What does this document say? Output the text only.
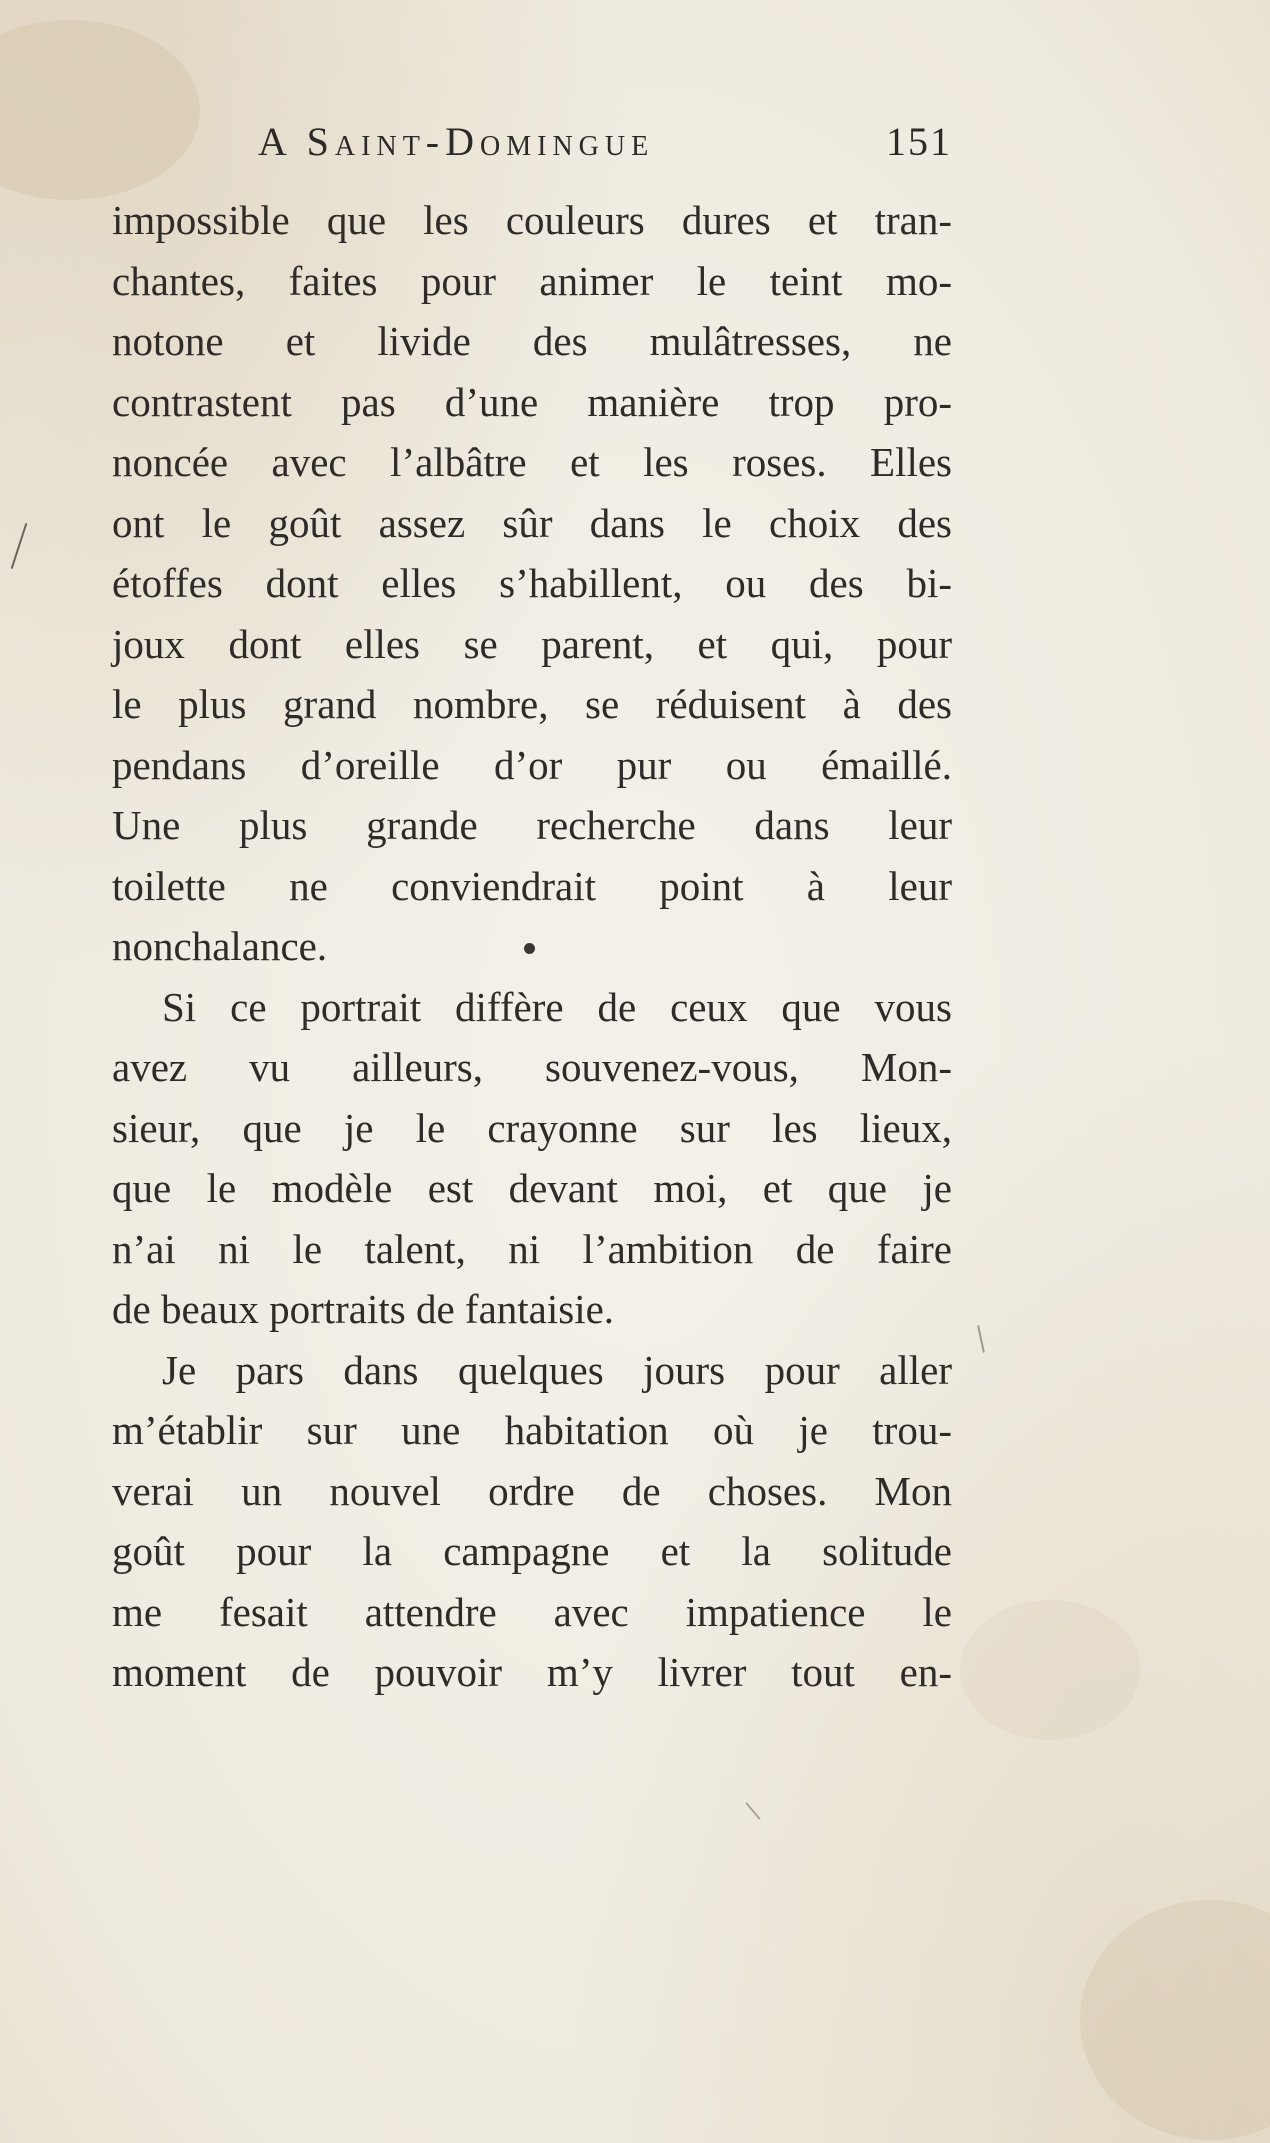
A Saint-Domingue	151
impossible que les couleurs dures et tran-
chantes, faites pour animer le teint mo-
notone et livide des mulâtresses, ne
contrastent pas d’une manière trop pro-
noncée avec l’albâtre et les roses. Elles
ont le goût assez sûr dans le choix des
étoffes dont elles s’habillent, ou des bi-
joux dont elles se parent, et qui, pour
le plus grand nombre, se réduisent à des
pendans d’oreille d’or pur ou émaillé.
Une plus grande recherche dans leur
toilette ne conviendrait point à leur
nonchalance.
Si ce portrait diffère de ceux que vous
avez vu ailleurs, souvenez-vous, Mon-
sieur, que je le crayonne sur les lieux,
que le modèle est devant moi, et que je
n’ai ni le talent, ni l’ambition de faire
de beaux portraits de fantaisie.
Je pars dans quelques jours pour aller
m’établir sur une habitation où je trou-
verai un nouvel ordre de choses. Mon
goût pour la campagne et la solitude
me fesait attendre avec impatience le
moment de pouvoir m’y livrer tout en-
